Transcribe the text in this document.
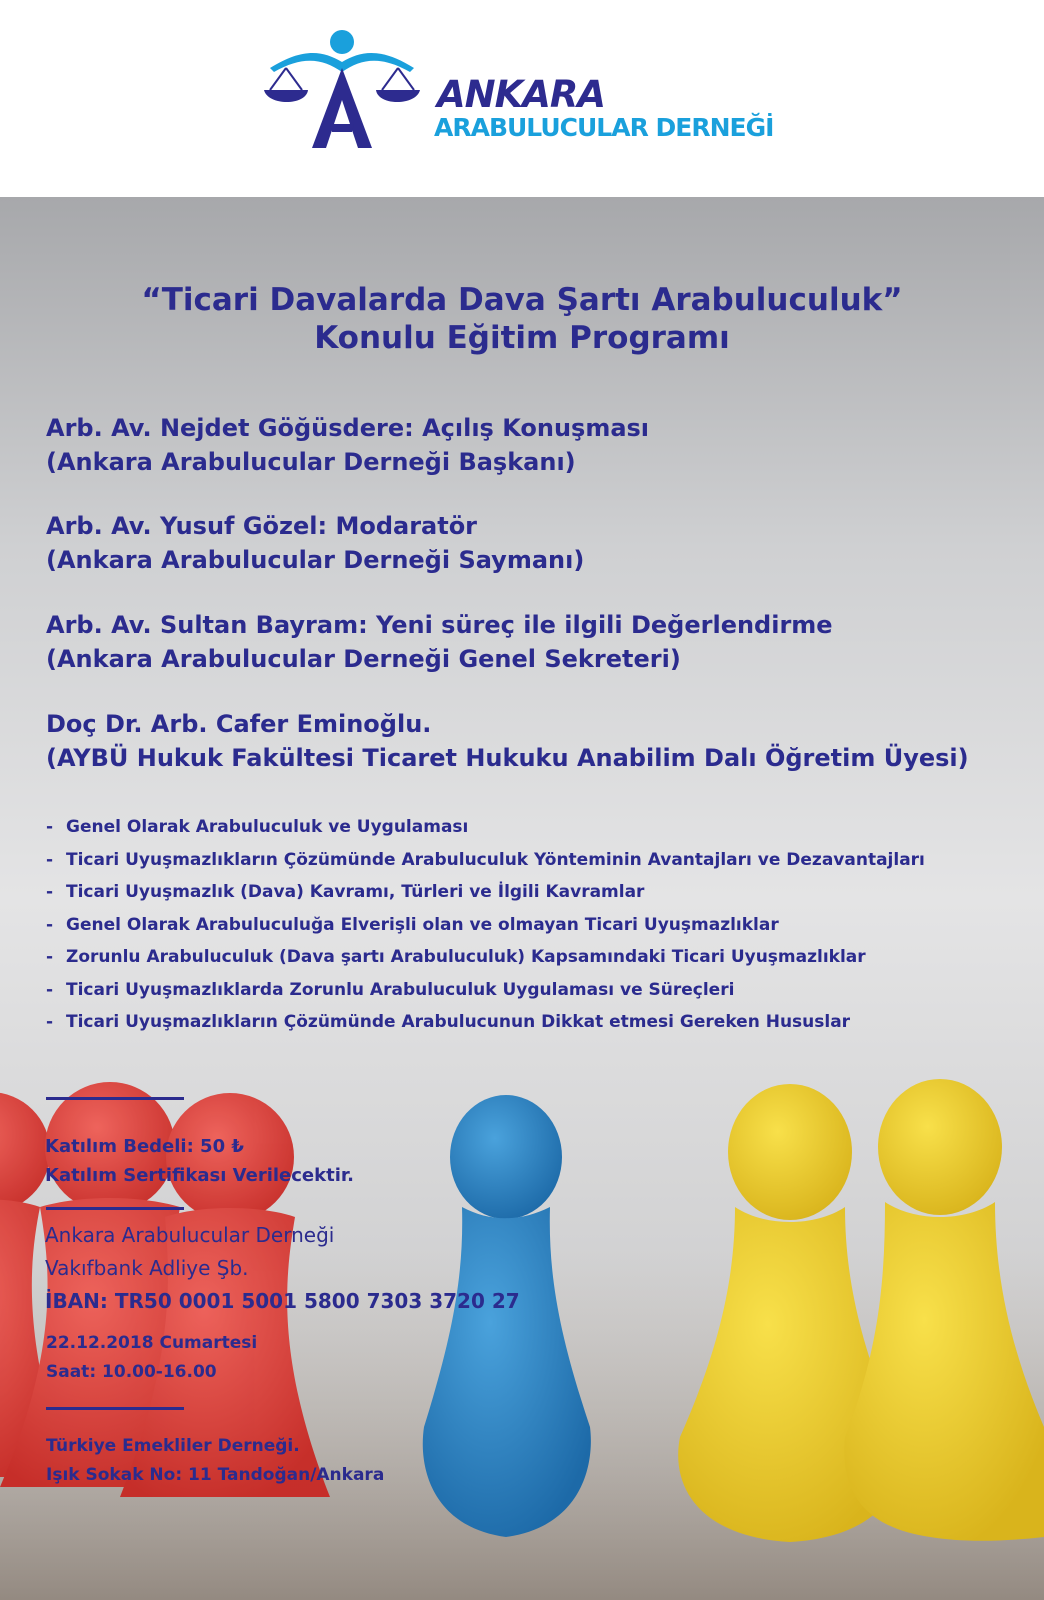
ANKARA
ARABULUCULAR DERNEĞİ
“Ticari Davalarda Dava Şartı Arabuluculuk”
Konulu Eğitim Programı
Arb. Av. Nejdet Göğüsdere: Açılış Konuşması
(Ankara Arabulucular Derneği Başkanı)
Arb. Av. Yusuf Gözel: Modaratör
(Ankara Arabulucular Derneği Saymanı)
Arb. Av. Sultan Bayram: Yeni süreç ile ilgili Değerlendirme
(Ankara Arabulucular Derneği Genel Sekreteri)
Doç Dr. Arb. Cafer Eminoğlu.
(AYBÜ Hukuk Fakültesi Ticaret Hukuku Anabilim Dalı Öğretim Üyesi)
- Genel Olarak Arabuluculuk ve Uygulaması
- Ticari Uyuşmazlıkların Çözümünde Arabuluculuk Yönteminin Avantajları ve Dezavantajları
- Ticari Uyuşmazlık (Dava) Kavramı, Türleri ve İlgili Kavramlar
- Genel Olarak Arabuluculuğa Elverişli olan ve olmayan Ticari Uyuşmazlıklar
- Zorunlu Arabuluculuk (Dava şartı Arabuluculuk) Kapsamındaki Ticari Uyuşmazlıklar
- Ticari Uyuşmazlıklarda Zorunlu Arabuluculuk Uygulaması ve Süreçleri
- Ticari Uyuşmazlıkların Çözümünde Arabulucunun Dikkat etmesi Gereken Hususlar
Katılım Bedeli: 50 ₺
Katılım Sertifikası Verilecektir.
Ankara Arabulucular Derneği
Vakıfbank Adliye Şb.
İBAN: TR50 0001 5001 5800 7303 3720 27
22.12.2018 Cumartesi
Saat: 10.00-16.00
Türkiye Emekliler Derneği.
Işık Sokak No: 11 Tandoğan/Ankara
